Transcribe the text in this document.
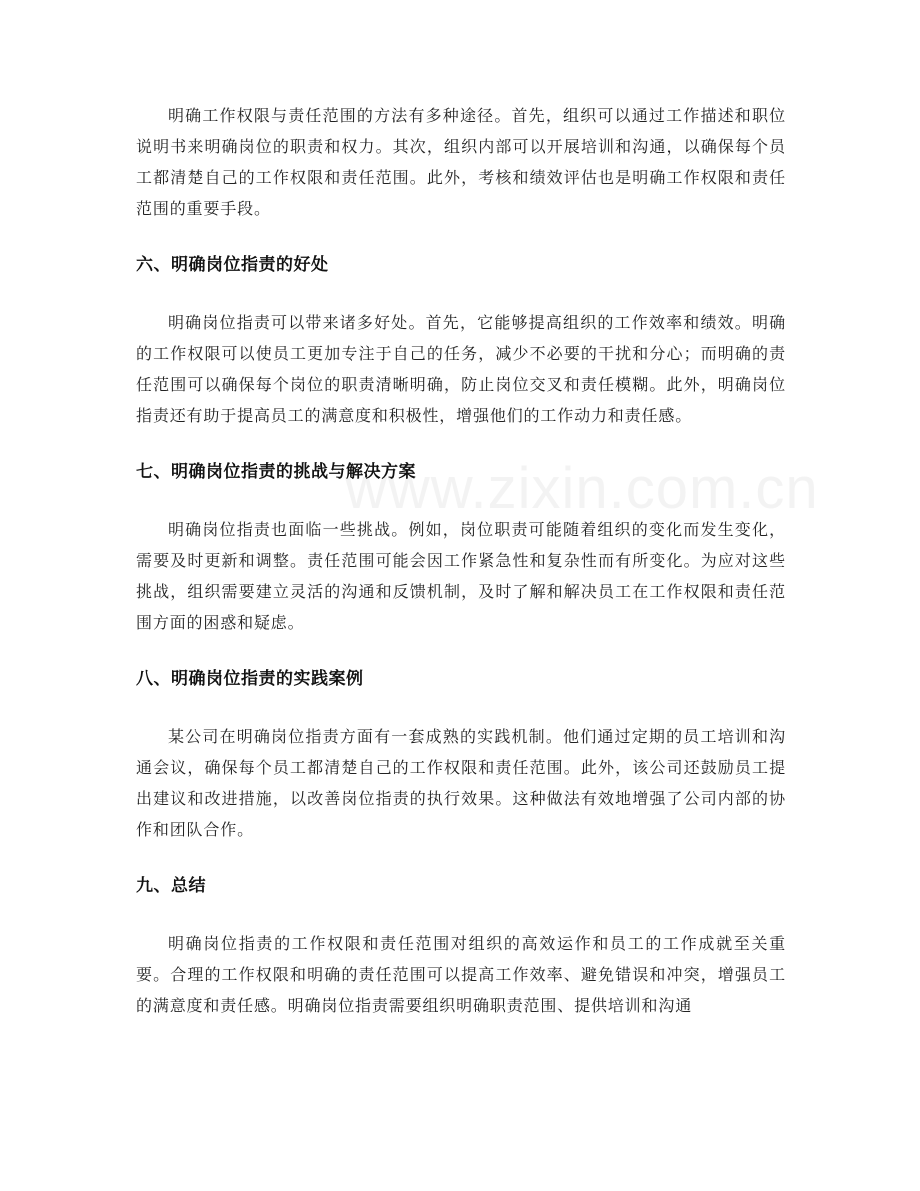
www.zixin.com.cn

明确工作权限与责任范围的方法有多种途径。首先，组织可以通过工作描述和职位说明书来明确岗位的职责和权力。其次，组织内部可以开展培训和沟通，以确保每个员工都清楚自己的工作权限和责任范围。此外，考核和绩效评估也是明确工作权限和责任范围的重要手段。

六、明确岗位指责的好处

明确岗位指责可以带来诸多好处。首先，它能够提高组织的工作效率和绩效。明确的工作权限可以使员工更加专注于自己的任务，减少不必要的干扰和分心；而明确的责任范围可以确保每个岗位的职责清晰明确，防止岗位交叉和责任模糊。此外，明确岗位指责还有助于提高员工的满意度和积极性，增强他们的工作动力和责任感。

七、明确岗位指责的挑战与解决方案

明确岗位指责也面临一些挑战。例如，岗位职责可能随着组织的变化而发生变化，需要及时更新和调整。责任范围可能会因工作紧急性和复杂性而有所变化。为应对这些挑战，组织需要建立灵活的沟通和反馈机制，及时了解和解决员工在工作权限和责任范围方面的困惑和疑虑。

八、明确岗位指责的实践案例

某公司在明确岗位指责方面有一套成熟的实践机制。他们通过定期的员工培训和沟通会议，确保每个员工都清楚自己的工作权限和责任范围。此外，该公司还鼓励员工提出建议和改进措施，以改善岗位指责的执行效果。这种做法有效地增强了公司内部的协作和团队合作。

九、总结

明确岗位指责的工作权限和责任范围对组织的高效运作和员工的工作成就至关重要。合理的工作权限和明确的责任范围可以提高工作效率、避免错误和冲突，增强员工的满意度和责任感。明确岗位指责需要组织明确职责范围、提供培训和沟通
